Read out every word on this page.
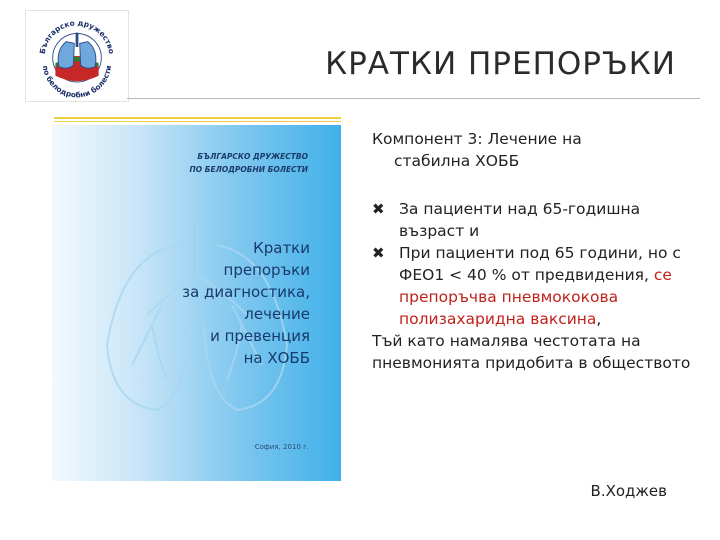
Българско дружество
по белодробни болести	КРАТКИ ПРЕПОРЪКИ
БЪЛГАРСКО ДРУЖЕСТВО
ПО БЕЛОДРОБНИ БОЛЕСТИ
Кратки
препоръки
за диагностика,
лечение
и превенция
на ХОББ
София, 2010 г.
Компонент 3: Лечение на
стабилна ХОББ
✖ За пациенти над 65-годишна възраст и
✖ При пациенти под 65 години, но с ФЕО1 < 40 % от предвидения, се препоръчва пневмококова полизахаридна ваксина,
Тъй като намалява честотата на пневмонията придобита в обществото
В.Ходжев
